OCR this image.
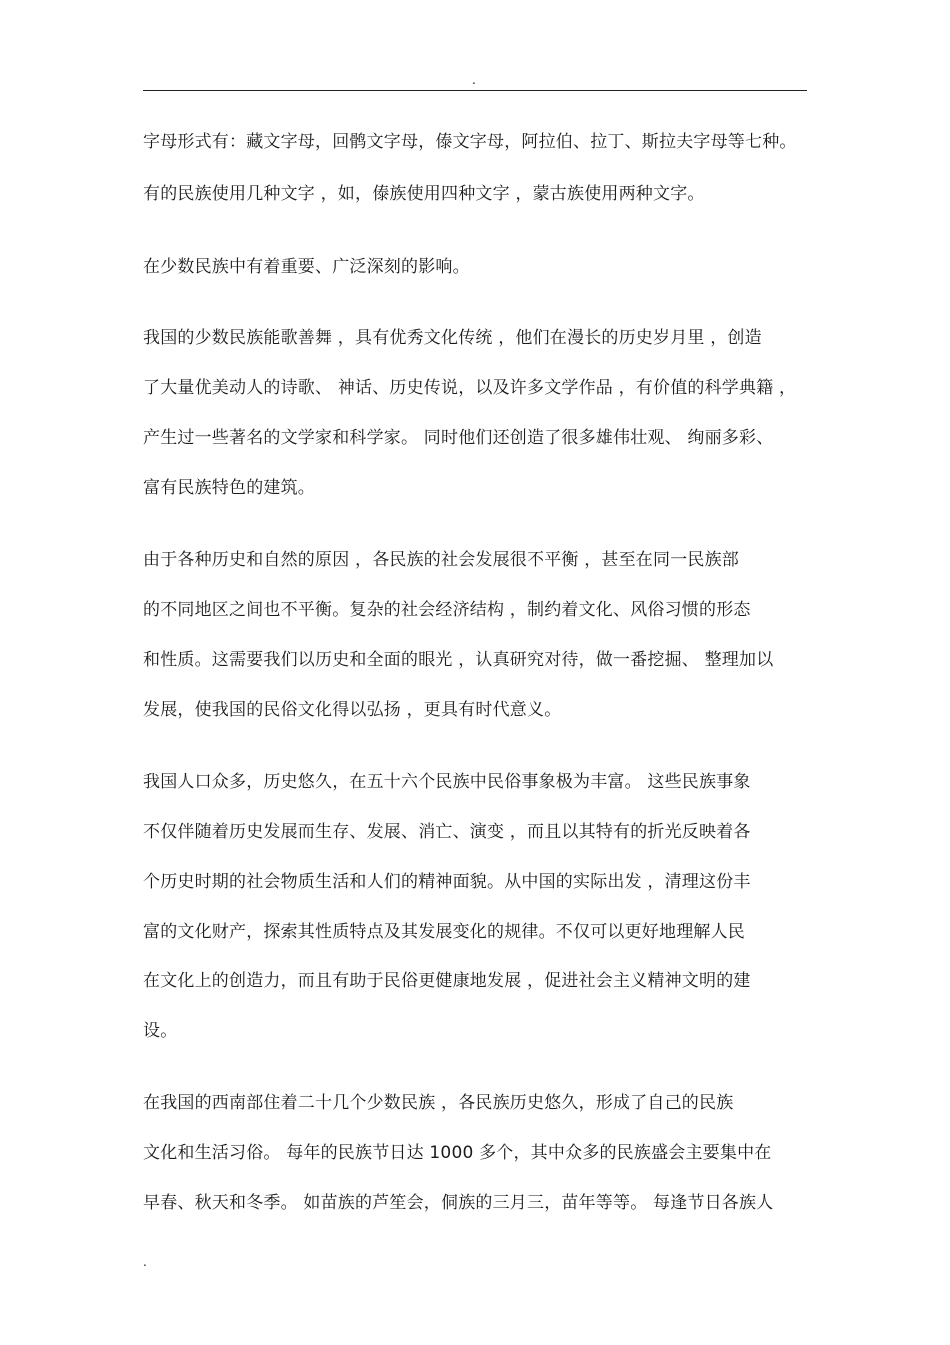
.
字母形式有：藏文字母，回鹘文字母，傣文字母，阿拉伯、拉丁、斯拉夫字母等七种。
有的民族使用几种文字 ，如，傣族使用四种文字 ，蒙古族使用两种文字。
在少数民族中有着重要、广泛深刻的影响。
我国的少数民族能歌善舞 ，具有优秀文化传统 ，他们在漫长的历史岁月里 ，创造
了大量优美动人的诗歌、 神话、历史传说，以及许多文学作品 ，有价值的科学典籍 ，
产生过一些著名的文学家和科学家。 同时他们还创造了很多雄伟壮观、 绚丽多彩、
富有民族特色的建筑。
由于各种历史和自然的原因 ，各民族的社会发展很不平衡 ，甚至在同一民族部
的不同地区之间也不平衡。复杂的社会经济结构 ，制约着文化、风俗习惯的形态
和性质。这需要我们以历史和全面的眼光 ，认真研究对待，做一番挖掘、 整理加以
发展，使我国的民俗文化得以弘扬 ，更具有时代意义。
我国人口众多，历史悠久，在五十六个民族中民俗事象极为丰富。 这些民族事象
不仅伴随着历史发展而生存、发展、消亡、演变 ，而且以其特有的折光反映着各
个历史时期的社会物质生活和人们的精神面貌。从中国的实际出发 ，清理这份丰
富的文化财产，探索其性质特点及其发展变化的规律。不仅可以更好地理解人民
在文化上的创造力，而且有助于民俗更健康地发展 ，促进社会主义精神文明的建
设。
在我国的西南部住着二十几个少数民族 ，各民族历史悠久，形成了自己的民族
文化和生活习俗。 每年的民族节日达 1000 多个，其中众多的民族盛会主要集中在
早春、秋天和冬季。 如苗族的芦笙会，侗族的三月三，苗年等等。 每逢节日各族人
.
